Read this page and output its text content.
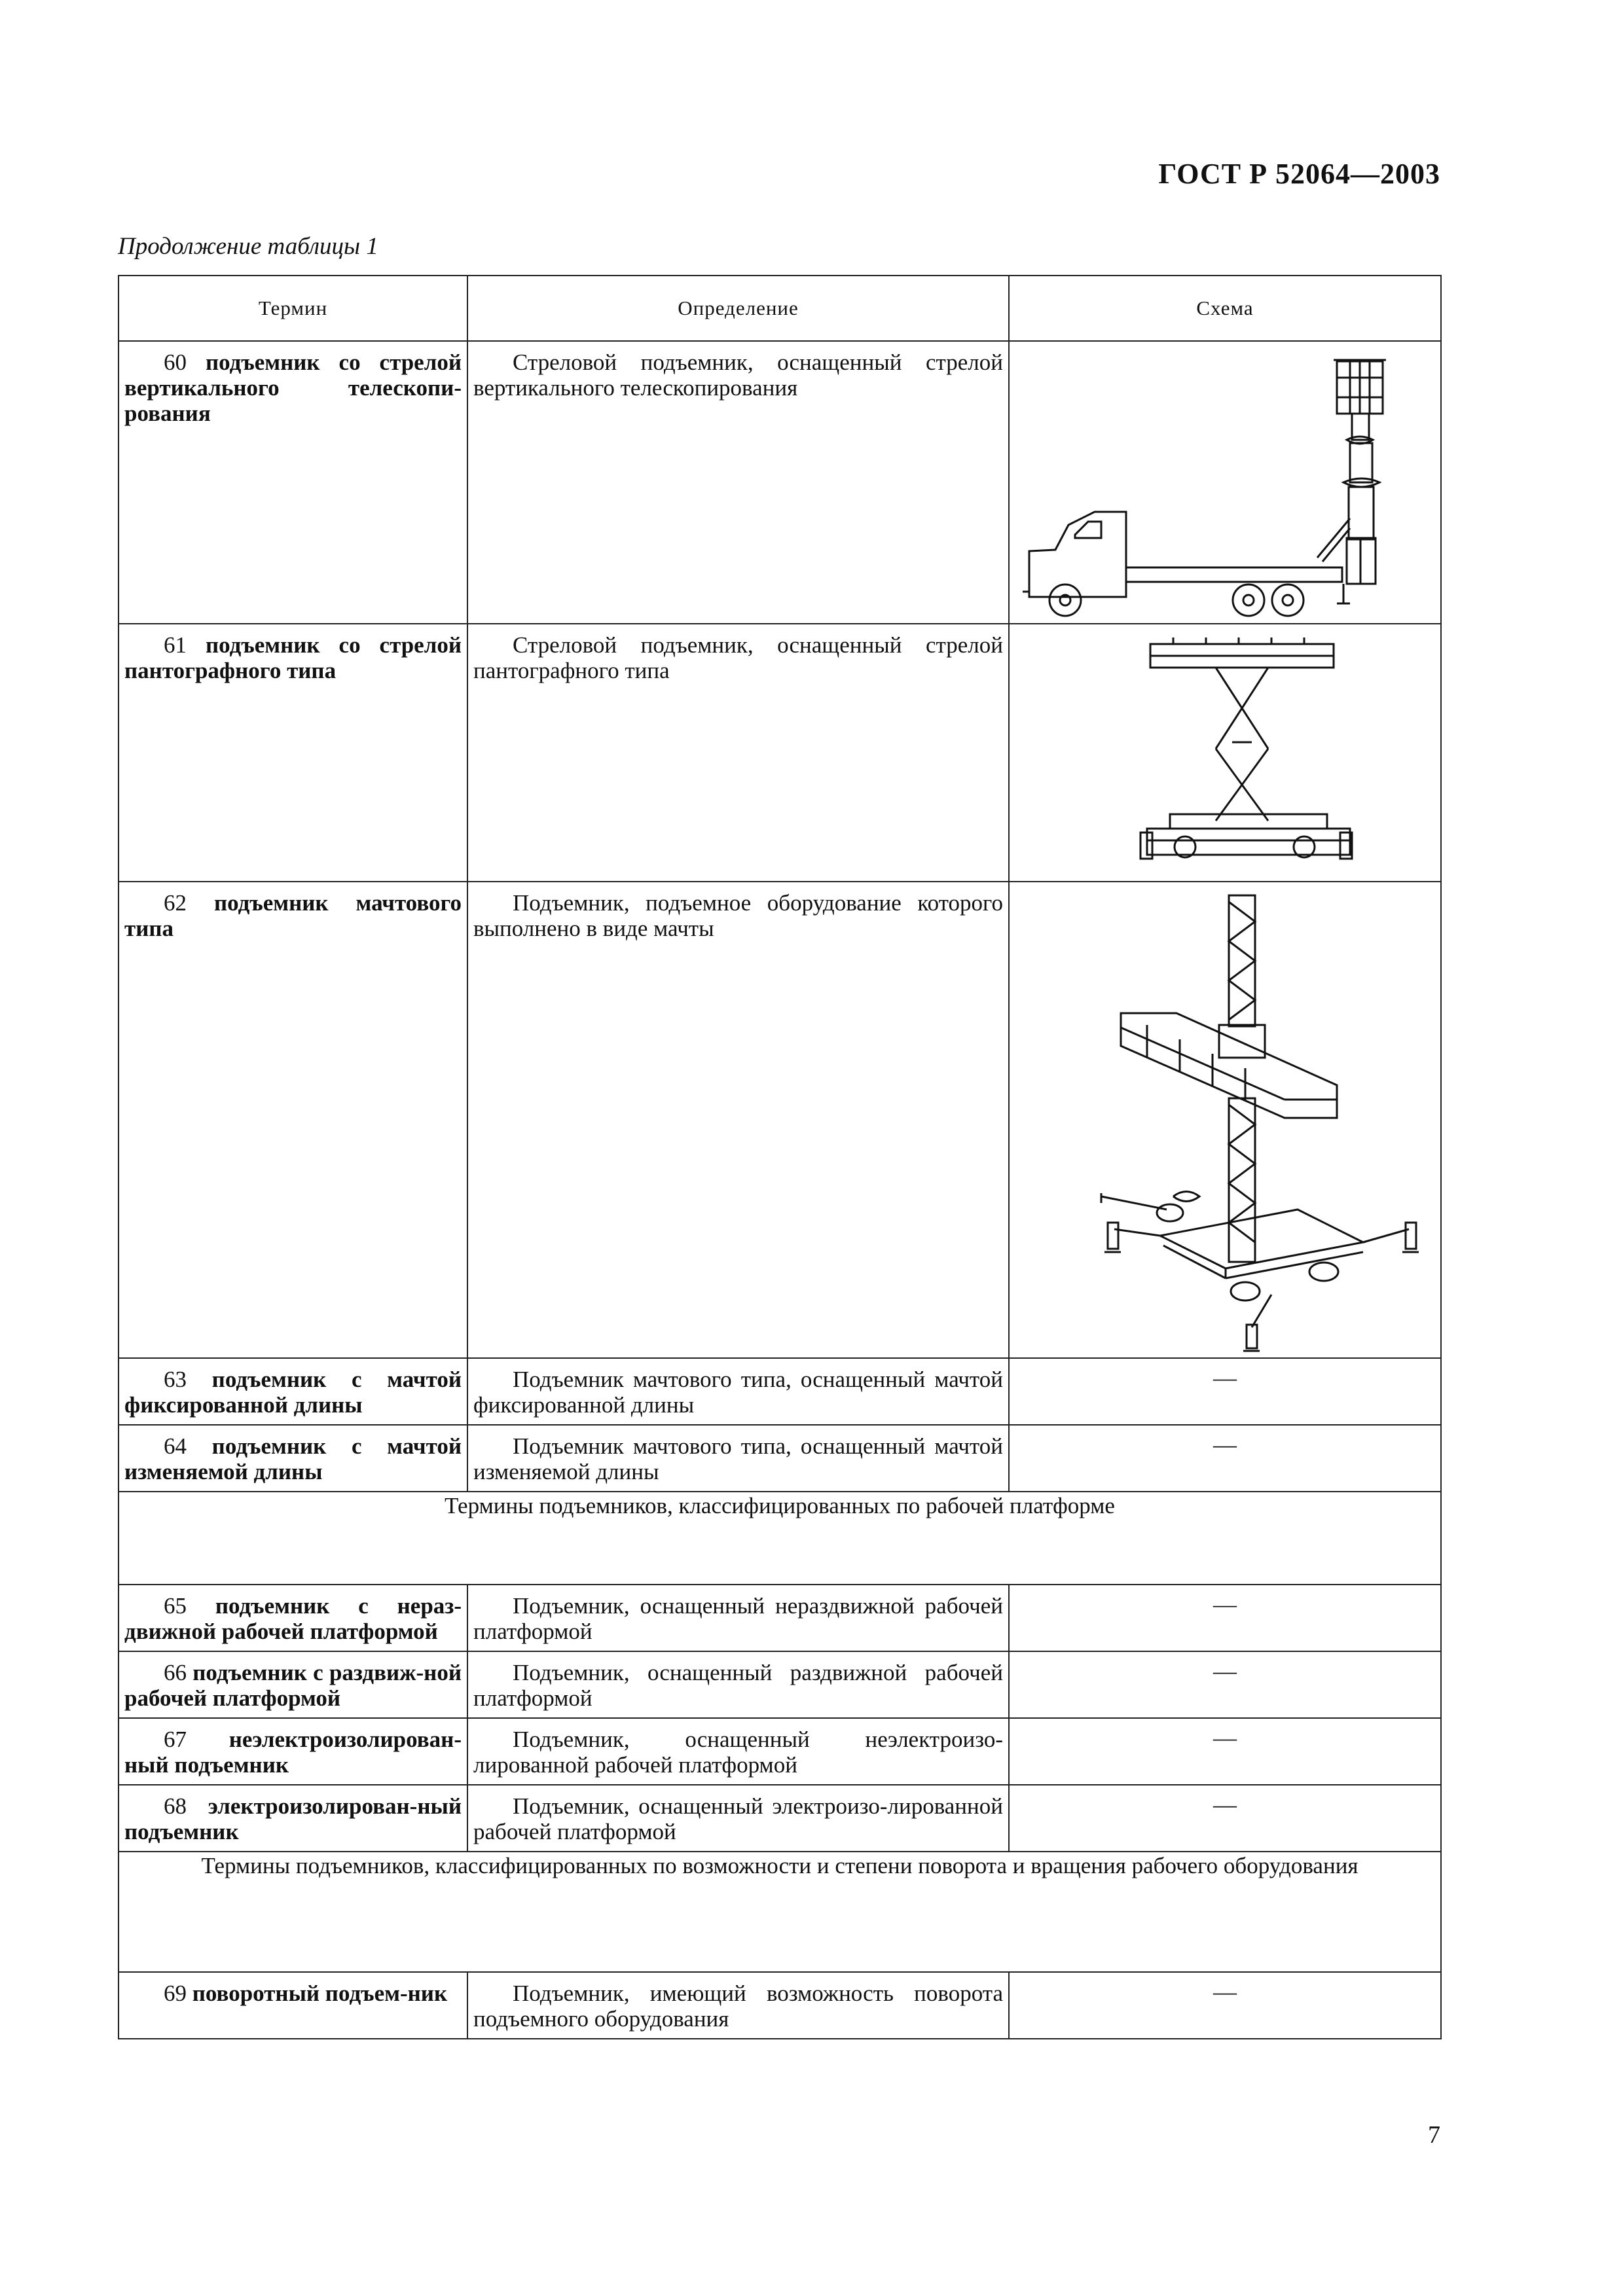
ГОСТ Р 52064—2003
Продолжение таблицы 1
Термин	Определение	Схема

60 подъемник со стрелой вертикального телескопи-рования	Стреловой подъемник, оснащенный стрелой вертикального телескопирования

61 подъемник со стрелой пантографного типа	Стреловой подъемник, оснащенный стрелой пантографного типа

62 подъемник мачтового типа	Подъемник, подъемное оборудование которого выполнено в виде мачты

63 подъемник с мачтой фиксированной длины	Подъемник мачтового типа, оснащенный мачтой фиксированной длины	—

64 подъемник с мачтой изменяемой длины	Подъемник мачтового типа, оснащенный мачтой изменяемой длины	—

Термины подъемников, классифицированных по рабочей платформе		

65 подъемник с нераз-движной рабочей платформой	Подъемник, оснащенный нераздвижной рабочей платформой	—

66 подъемник с раздвиж-ной рабочей платформой	Подъемник, оснащенный раздвижной рабочей платформой	—

67 неэлектроизолирован-ный подъемник	Подъемник, оснащенный неэлектроизо-лированной рабочей платформой	—

68 электроизолирован-ный подъемник	Подъемник, оснащенный электроизо-лированной рабочей платформой	—

Термины подъемников, классифицированных по возможности и степени поворота и вращения рабочего оборудования		

69 поворотный подъем-ник	Подъемник, имеющий возможность поворота подъемного оборудования	—
7
